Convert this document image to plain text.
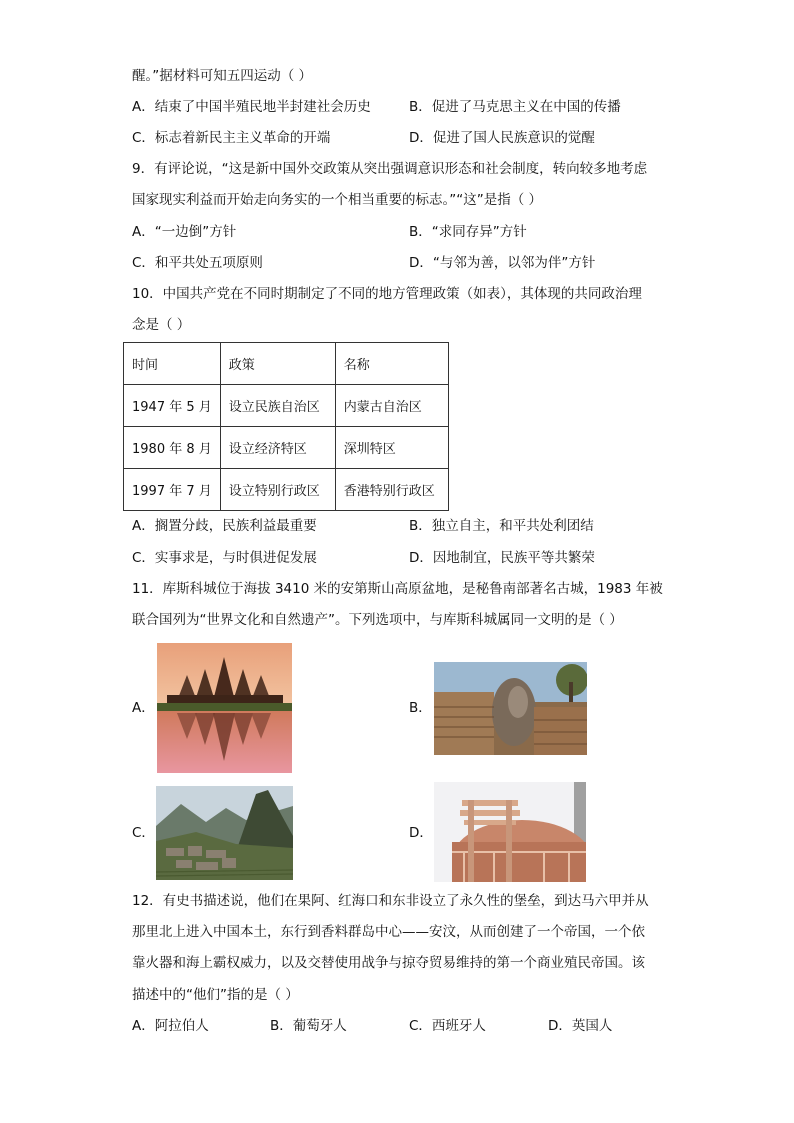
醒。”据材料可知五四运动（ ）
A．结束了中国半殖民地半封建社会历史	B．促进了马克思主义在中国的传播
C．标志着新民主主义革命的开端	D．促进了国人民族意识的觉醒
9．有评论说，“这是新中国外交政策从突出强调意识形态和社会制度，转向较多地考虑
国家现实利益而开始走向务实的一个相当重要的标志。”“这”是指（ ）
A．“一边倒”方针	B．“求同存异”方针
C．和平共处五项原则	D．“与邻为善，以邻为伴”方针
10．中国共产党在不同时期制定了不同的地方管理政策（如表），其体现的共同政治理
念是（ ）
时间	政策	名称
1947 年 5 月	设立民族自治区	内蒙古自治区
1980 年 8 月	设立经济特区	深圳特区
1997 年 7 月	设立特别行政区	香港特别行政区
A．搁置分歧，民族利益最重要	B．独立自主，和平共处利团结
C．实事求是，与时俱进促发展	D．因地制宜，民族平等共繁荣
11．库斯科城位于海拔 3410 米的安第斯山高原盆地，是秘鲁南部著名古城，1983 年被
联合国列为“世界文化和自然遗产”。下列选项中，与库斯科城属同一文明的是（ ）
A．	B．
C．	D．
12．有史书描述说，他们在果阿、红海口和东非设立了永久性的堡垒，到达马六甲并从
那里北上进入中国本土，东行到香料群岛中心——安汶，从而创建了一个帝国，一个依
靠火器和海上霸权威力，以及交替使用战争与掠夺贸易维持的第一个商业殖民帝国。该
描述中的“他们”指的是（ ）
A．阿拉伯人	B．葡萄牙人	C．西班牙人	D．英国人
